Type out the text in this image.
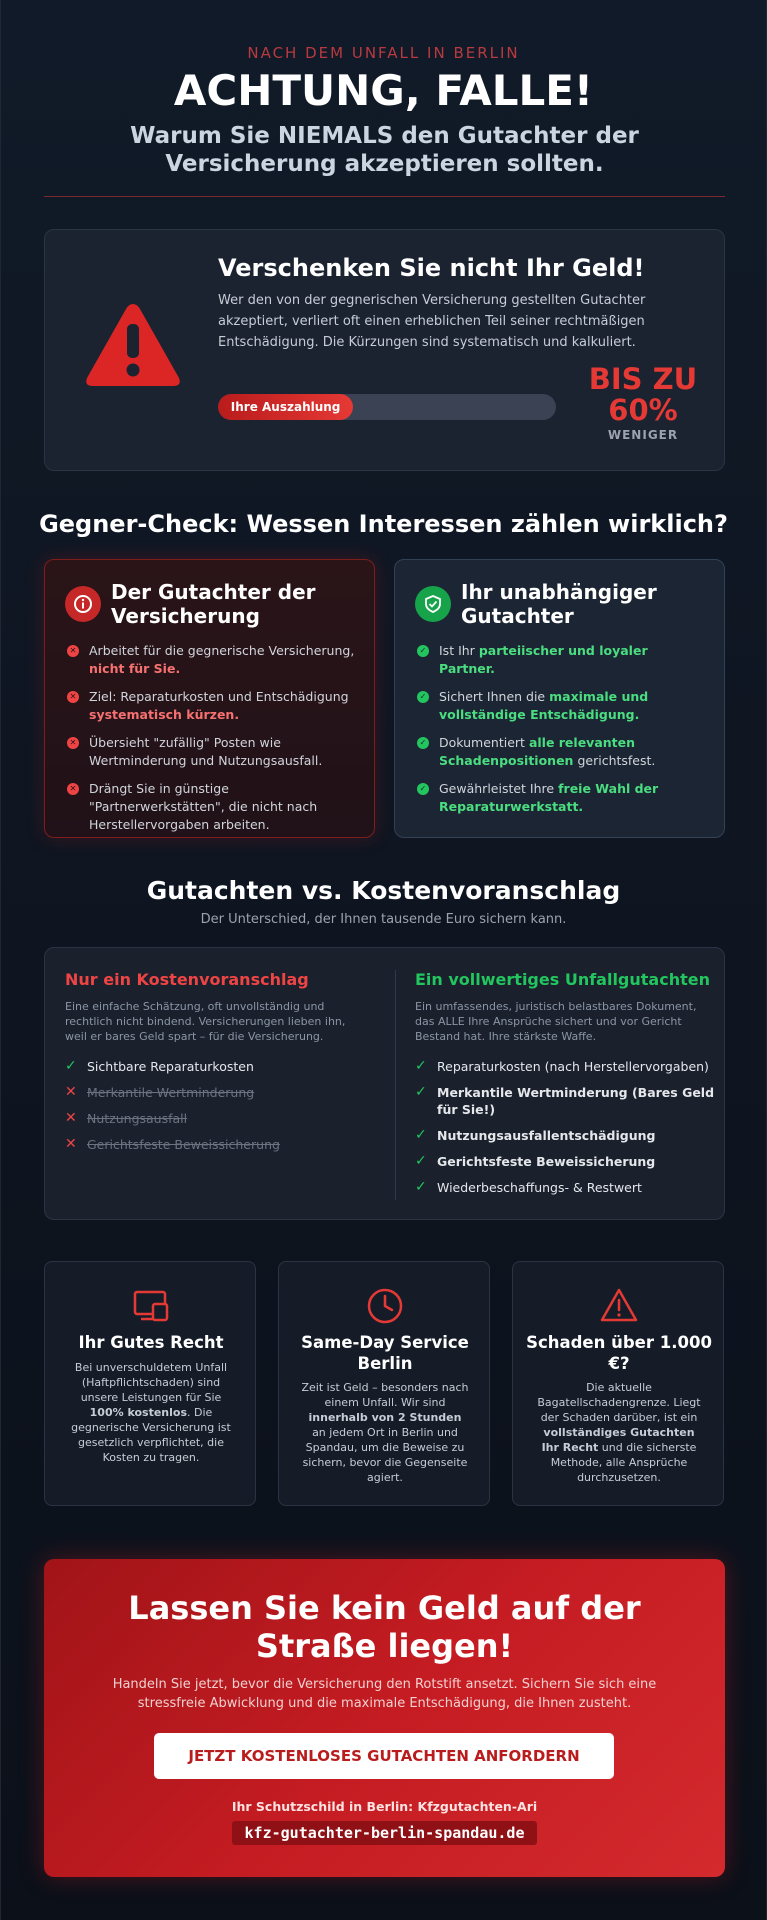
NACH DEM UNFALL IN BERLIN
ACHTUNG, FALLE!
Warum Sie NIEMALS den Gutachter der Versicherung akzeptieren sollten.
Verschenken Sie nicht Ihr Geld!
Wer den von der gegnerischen Versicherung gestellten Gutachter akzeptiert, verliert oft einen erheblichen Teil seiner rechtmäßigen Entschädigung. Die Kürzungen sind systematisch und kalkuliert.
Ihre Auszahlung
BIS ZU
60%
WENIGER
Gegner-Check: Wessen Interessen zählen wirklich?
Der Gutachter der Versicherung
✕ Arbeitet für die gegnerische Versicherung, nicht für Sie.
✕ Ziel: Reparaturkosten und Entschädigung systematisch kürzen.
✕ Übersieht "zufällig" Posten wie Wertminderung und Nutzungsausfall.
✕ Drängt Sie in günstige "Partnerwerkstätten", die nicht nach Herstellervorgaben arbeiten.
Ihr unabhängiger Gutachter
✓ Ist Ihr parteiischer und loyaler Partner.
✓ Sichert Ihnen die maximale und vollständige Entschädigung.
✓ Dokumentiert alle relevanten Schadenpositionen gerichtsfest.
✓ Gewährleistet Ihre freie Wahl der Reparaturwerkstatt.
Gutachten vs. Kostenvoranschlag
Der Unterschied, der Ihnen tausende Euro sichern kann.
Nur ein Kostenvoranschlag
Eine einfache Schätzung, oft unvollständig und rechtlich nicht bindend. Versicherungen lieben ihn, weil er bares Geld spart – für die Versicherung.
✓ Sichtbare Reparaturkosten
✕ Merkantile Wertminderung
✕ Nutzungsausfall
✕ Gerichtsfeste Beweissicherung
Ein vollwertiges Unfallgutachten
Ein umfassendes, juristisch belastbares Dokument, das ALLE Ihre Ansprüche sichert und vor Gericht Bestand hat. Ihre stärkste Waffe.
✓ Reparaturkosten (nach Herstellervorgaben)
✓ Merkantile Wertminderung (Bares Geld für Sie!)
✓ Nutzungsausfallentschädigung
✓ Gerichtsfeste Beweissicherung
✓ Wiederbeschaffungs- & Restwert
Ihr Gutes Recht
Bei unverschuldetem Unfall (Haftpflichtschaden) sind unsere Leistungen für Sie 100% kostenlos. Die gegnerische Versicherung ist gesetzlich verpflichtet, die Kosten zu tragen.
Same-Day Service Berlin
Zeit ist Geld – besonders nach einem Unfall. Wir sind innerhalb von 2 Stunden an jedem Ort in Berlin und Spandau, um die Beweise zu sichern, bevor die Gegenseite agiert.
Schaden über 1.000 €?
Die aktuelle Bagatellschadengrenze. Liegt der Schaden darüber, ist ein vollständiges Gutachten Ihr Recht und die sicherste Methode, alle Ansprüche durchzusetzen.
Lassen Sie kein Geld auf der Straße liegen!
Handeln Sie jetzt, bevor die Versicherung den Rotstift ansetzt. Sichern Sie sich eine stressfreie Abwicklung und die maximale Entschädigung, die Ihnen zusteht.
JETZT KOSTENLOSES GUTACHTEN ANFORDERN
Ihr Schutzschild in Berlin: Kfzgutachten-Ari
kfz-gutachter-berlin-spandau.de
